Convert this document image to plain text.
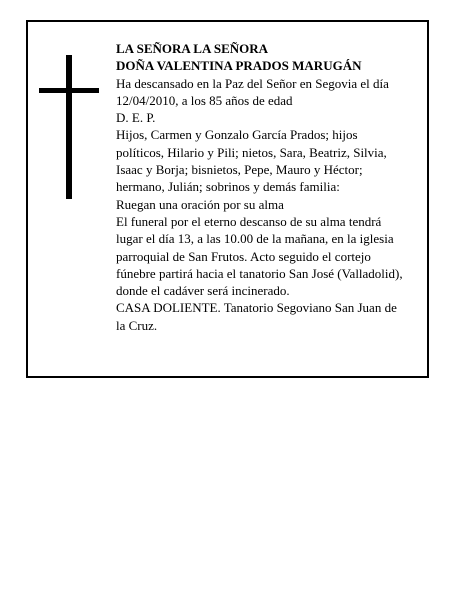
LA SEÑORA LA SEÑORA
DOÑA VALENTINA PRADOS MARUGÁN
Ha descansado en la Paz del Señor en Segovia el día
12/04/2010, a los 85 años de edad
D. E. P.
Hijos, Carmen y Gonzalo García Prados; hijos
políticos, Hilario y Pili; nietos, Sara, Beatriz, Silvia,
Isaac y Borja; bisnietos, Pepe, Mauro y Héctor;
hermano, Julián; sobrinos y demás familia:
Ruegan una oración por su alma
El funeral por el eterno descanso de su alma tendrá
lugar el día 13, a las 10.00 de la mañana, en la iglesia
parroquial de San Frutos. Acto seguido el cortejo
fúnebre partirá hacia el tanatorio San José (Valladolid),
donde el cadáver será incinerado.
CASA DOLIENTE. Tanatorio Segoviano San Juan de
la Cruz.
